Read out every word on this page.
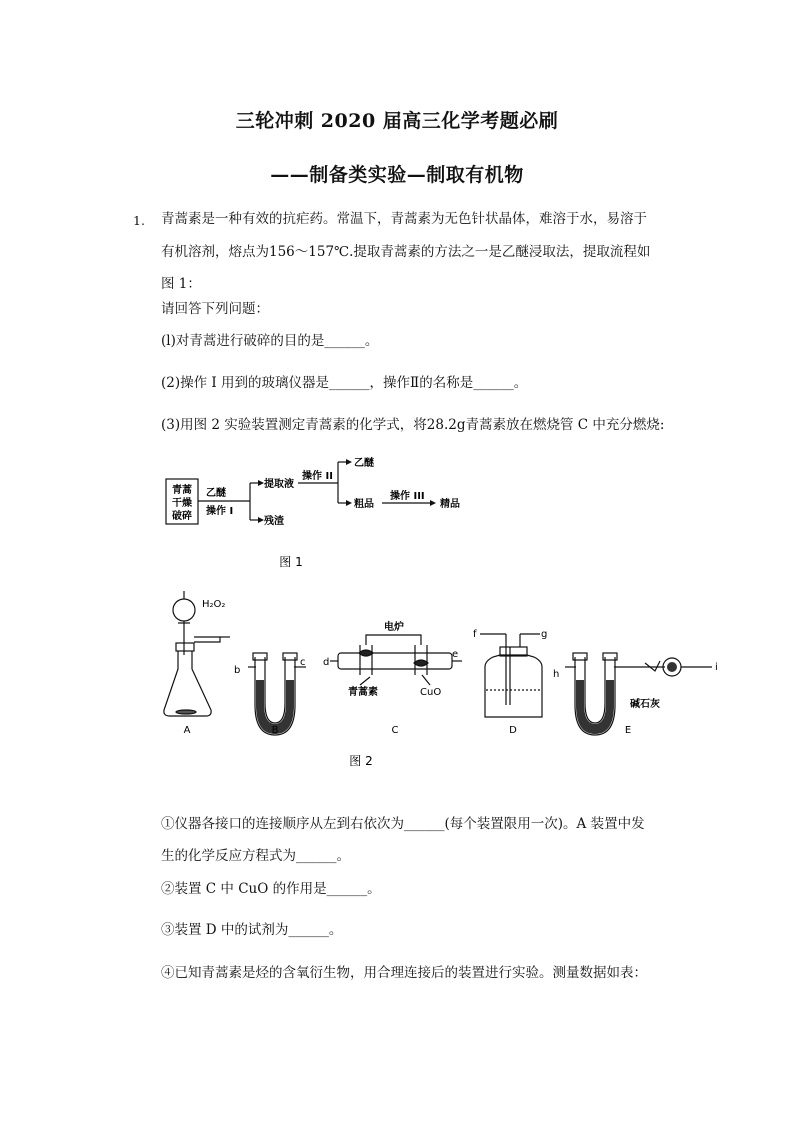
三轮冲刺 2020 届高三化学考题必刷
——制备类实验—制取有机物
1. 青蒿素是一种有效的抗疟药。常温下，青蒿素为无色针状晶体，难溶于水，易溶于
有机溶剂，熔点为156～157℃.提取青蒿素的方法之一是乙醚浸取法，提取流程如
图 1：
请回答下列问题：
(l)对青蒿进行破碎的目的是______。
(2)操作 I 用到的玻璃仪器是______，操作Ⅱ的名称是______。
(3)用图 2 实验装置测定青蒿素的化学式，将28.2g青蒿素放在燃烧管 C 中充分燃烧:
青蒿
干燥
破碎
乙醚
操作 I
提取液
残渣
操作 II
乙醚
粗品
操作 III
精品
图 1
H₂O₂
电炉
青蒿素	CuO
碱石灰
b
c d
e
f	g
h
i
A	B	C	D	E
图 2
①仪器各接口的连接顺序从左到右依次为______(每个装置限用一次)。A 装置中发
生的化学反应方程式为______。
②装置 C 中 CuO 的作用是______。
③装置 D 中的试剂为______。
④已知青蒿素是烃的含氧衍生物，用合理连接后的装置进行实验。测量数据如表：
